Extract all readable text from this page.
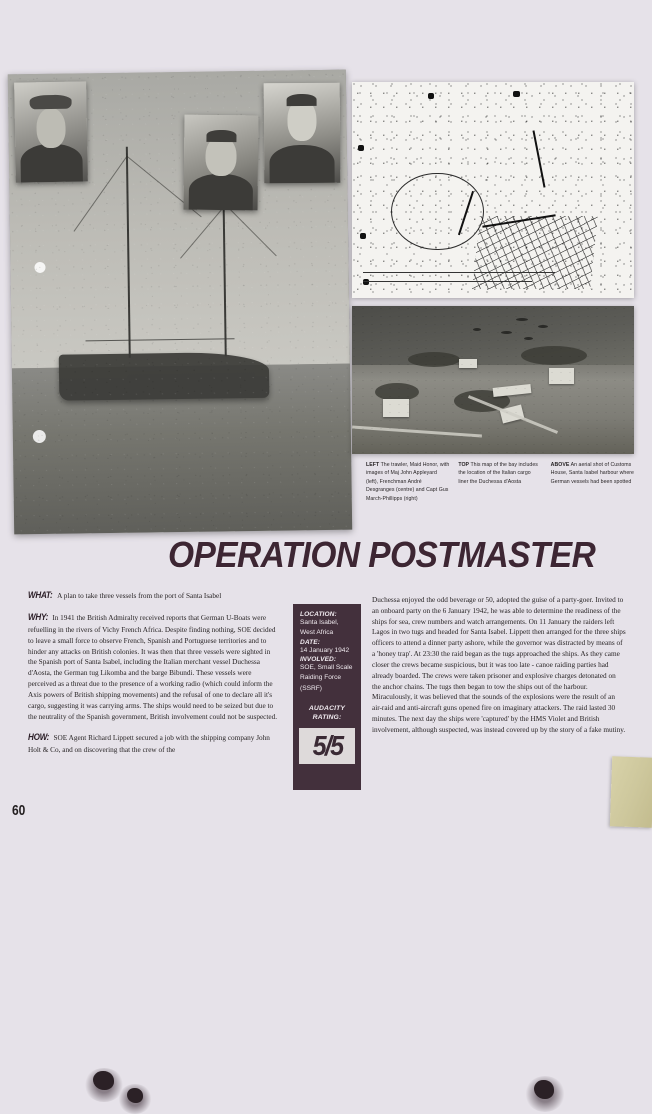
LEFT The trawler, Maid Honor, with images of Maj John Appleyard (left), Frenchman André Desgranges (centre) and Capt Gus March-Phillipps (right)
TOP This map of the bay includes the location of the Italian cargo liner the Duchessa d'Aosta
ABOVE An aerial shot of Customs House, Santa Isabel harbour where German vessels had been spotted
OPERATION POSTMASTER

WHAT: A plan to take three vessels from the port of Santa Isabel

WHY: In 1941 the British Admiralty received reports that German U-Boats were refuelling in the rivers of Vichy French Africa. Despite finding nothing, SOE decided to leave a small force to observe French, Spanish and Portuguese territories and to hinder any attacks on British colonies. It was then that three vessels were sighted in the Spanish port of Santa Isabel, including the Italian merchant vessel Duchessa d'Aosta, the German tug Likomba and the barge Bibundi. These vessels were perceived as a threat due to the presence of a working radio (which could inform the Axis powers of British shipping movements) and the refusal of one to declare all it's cargo, suggesting it was carrying arms. The ships would need to be seized but due to the neutrality of the Spanish government, British involvement could not be suspected.

HOW: SOE Agent Richard Lippett secured a job with the shipping company John Holt & Co, and on discovering that the crew of the

LOCATION:
Santa Isabel,
West Africa
DATE:
14 January 1942
INVOLVED:
SOE, Small Scale
Raiding Force
(SSRF)
AUDACITY
RATING:
5/5

Duchessa enjoyed the odd beverage or 50, adopted the guise of a party-goer. Invited to an onboard party on the 6 January 1942, he was able to determine the readiness of the ships for sea, crew numbers and watch arrangements. On 11 January the raiders left Lagos in two tugs and headed for Santa Isabel. Lippett then arranged for the three ships officers to attend a dinner party ashore, while the governor was distracted by means of a 'honey trap'. At 23:30 the raid began as the tugs approached the ships. As they came closer the crews became suspicious, but it was too late - canoe raiding parties had already boarded. The crews were taken prisoner and explosive charges detonated on the anchor chains. The tugs then began to tow the ships out of the harbour. Miraculously, it was believed that the sounds of the explosions were the result of an air-raid and anti-aircraft guns opened fire on imaginary attackers. The raid lasted 30 minutes. The next day the ships were 'captured' by the HMS Violet and British involvement, although suspected, was instead covered up by the story of a fake mutiny.

60
